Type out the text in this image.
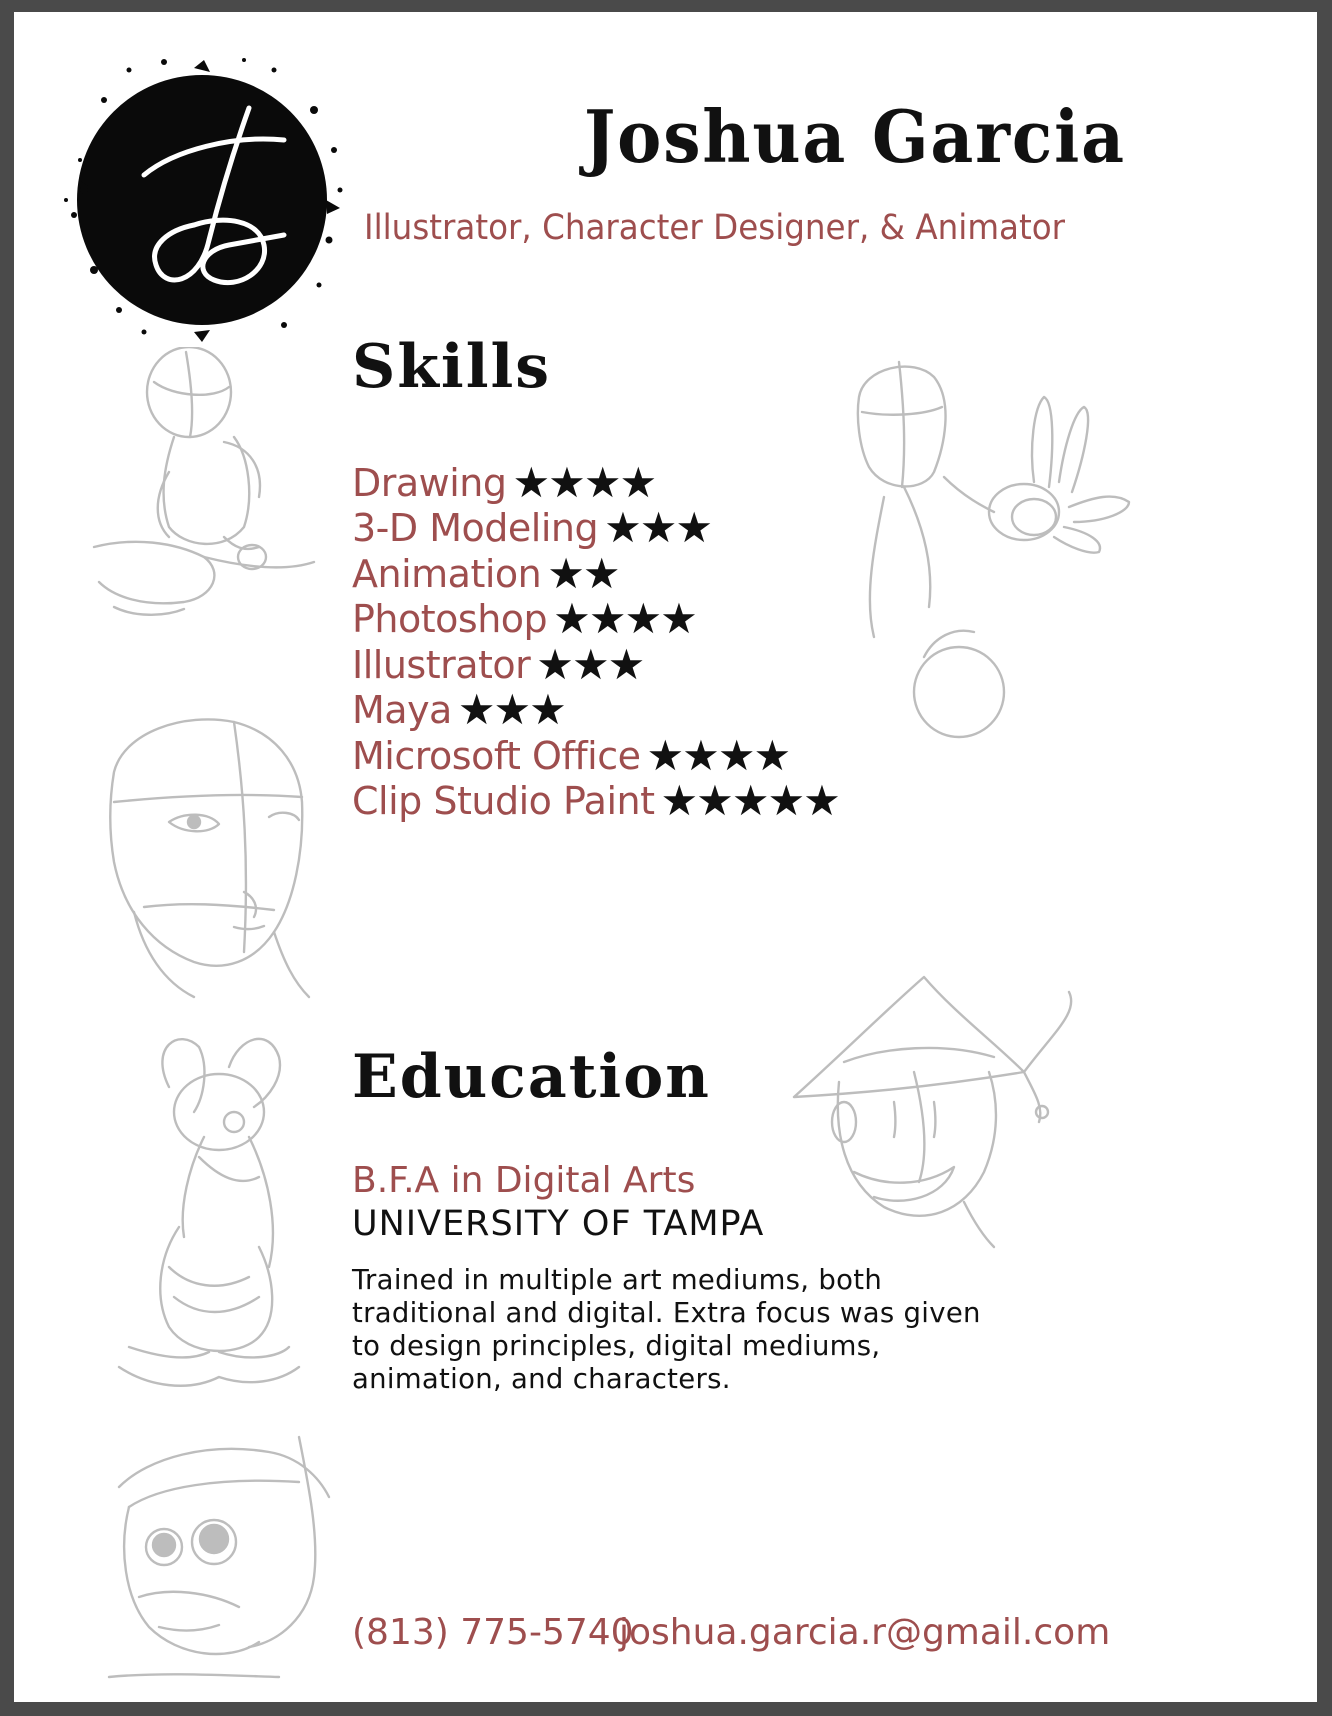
JG
Joshua Garcia
Illustrator, Character Designer, & Animator
Skills
Drawing ★
★
★
★
3-D Modeling ★
★
★
Animation ★
★
Photoshop ★
★
★
★
Illustrator ★
★
★
Maya ★
★
★
Microsoft Office ★
★
★
★
Clip Studio Paint ★
★
★
★
★
Education
B.F.A in Digital Arts
UNIVERSITY OF TAMPA
Trained in multiple art mediums, both traditional and digital. Extra focus was given to design principles, digital mediums, animation, and characters.
(813) 775-5740
joshua.garcia.r@gmail.com
